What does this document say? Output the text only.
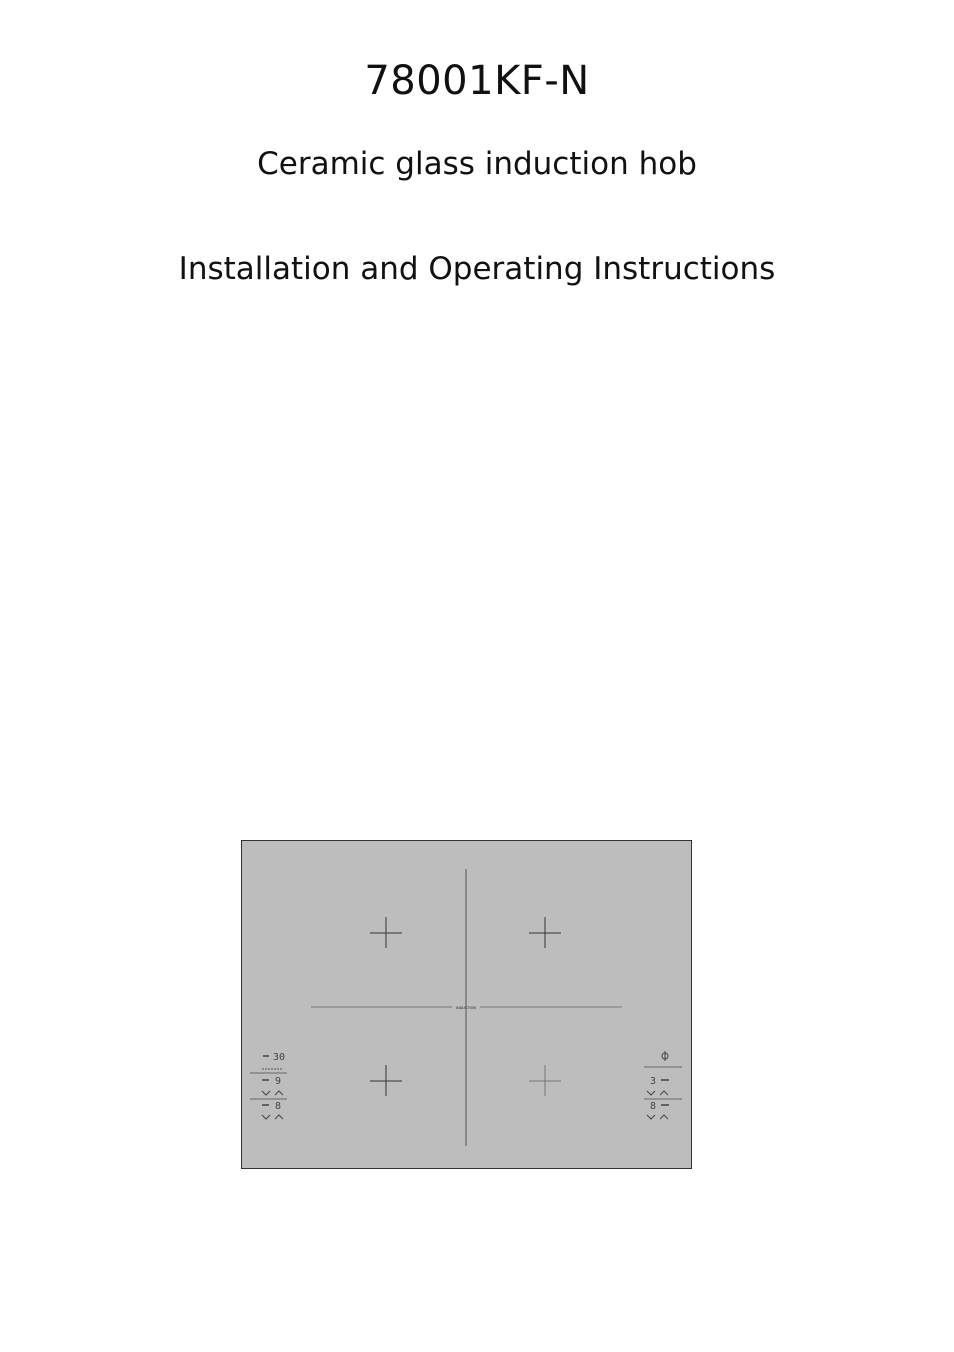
78001KF-N
Ceramic glass induction hob
Installation and Operating Instructions
INDUCTION
30
9
8
3
8
